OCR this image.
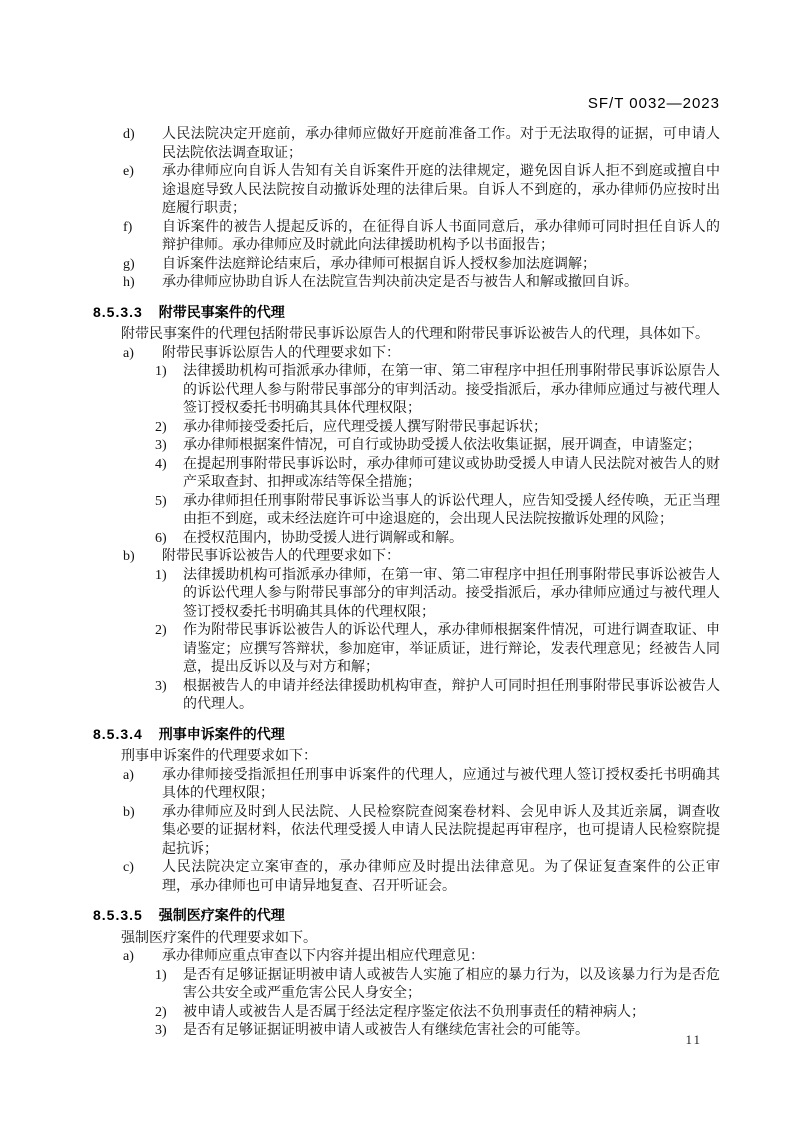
SF/T 0032—2023
d) 人民法院决定开庭前，承办律师应做好开庭前准备工作。对于无法取得的证据，可申请人民法院依法调查取证；
e) 承办律师应向自诉人告知有关自诉案件开庭的法律规定，避免因自诉人拒不到庭或擅自中途退庭导致人民法院按自动撤诉处理的法律后果。自诉人不到庭的，承办律师仍应按时出庭履行职责；
f) 自诉案件的被告人提起反诉的，在征得自诉人书面同意后，承办律师可同时担任自诉人的辩护律师。承办律师应及时就此向法律援助机构予以书面报告；
g) 自诉案件法庭辩论结束后，承办律师可根据自诉人授权参加法庭调解；
h) 承办律师应协助自诉人在法院宣告判决前决定是否与被告人和解或撤回自诉。
8.5.3.3 附带民事案件的代理
附带民事案件的代理包括附带民事诉讼原告人的代理和附带民事诉讼被告人的代理，具体如下。
a) 附带民事诉讼原告人的代理要求如下：
1) 法律援助机构可指派承办律师，在第一审、第二审程序中担任刑事附带民事诉讼原告人的诉讼代理人参与附带民事部分的审判活动。接受指派后，承办律师应通过与被代理人签订授权委托书明确其具体代理权限；
2) 承办律师接受委托后，应代理受援人撰写附带民事起诉状；
3) 承办律师根据案件情况，可自行或协助受援人依法收集证据，展开调查，申请鉴定；
4) 在提起刑事附带民事诉讼时，承办律师可建议或协助受援人申请人民法院对被告人的财产采取查封、扣押或冻结等保全措施；
5) 承办律师担任刑事附带民事诉讼当事人的诉讼代理人，应告知受援人经传唤，无正当理由拒不到庭，或未经法庭许可中途退庭的，会出现人民法院按撤诉处理的风险；
6) 在授权范围内，协助受援人进行调解或和解。
b) 附带民事诉讼被告人的代理要求如下：
1) 法律援助机构可指派承办律师，在第一审、第二审程序中担任刑事附带民事诉讼被告人的诉讼代理人参与附带民事部分的审判活动。接受指派后，承办律师应通过与被代理人签订授权委托书明确其具体的代理权限；
2) 作为附带民事诉讼被告人的诉讼代理人，承办律师根据案件情况，可进行调查取证、申请鉴定；应撰写答辩状，参加庭审，举证质证，进行辩论，发表代理意见；经被告人同意，提出反诉以及与对方和解；
3) 根据被告人的申请并经法律援助机构审查，辩护人可同时担任刑事附带民事诉讼被告人的代理人。
8.5.3.4 刑事申诉案件的代理
刑事申诉案件的代理要求如下：
a) 承办律师接受指派担任刑事申诉案件的代理人，应通过与被代理人签订授权委托书明确其具体的代理权限；
b) 承办律师应及时到人民法院、人民检察院查阅案卷材料、会见申诉人及其近亲属，调查收集必要的证据材料，依法代理受援人申请人民法院提起再审程序，也可提请人民检察院提起抗诉；
c) 人民法院决定立案审查的，承办律师应及时提出法律意见。为了保证复查案件的公正审理，承办律师也可申请异地复查、召开听证会。
8.5.3.5 强制医疗案件的代理
强制医疗案件的代理要求如下。
a) 承办律师应重点审查以下内容并提出相应代理意见：
1) 是否有足够证据证明被申请人或被告人实施了相应的暴力行为，以及该暴力行为是否危害公共安全或严重危害公民人身安全；
2) 被申请人或被告人是否属于经法定程序鉴定依法不负刑事责任的精神病人；
3) 是否有足够证据证明被申请人或被告人有继续危害社会的可能等。
11
